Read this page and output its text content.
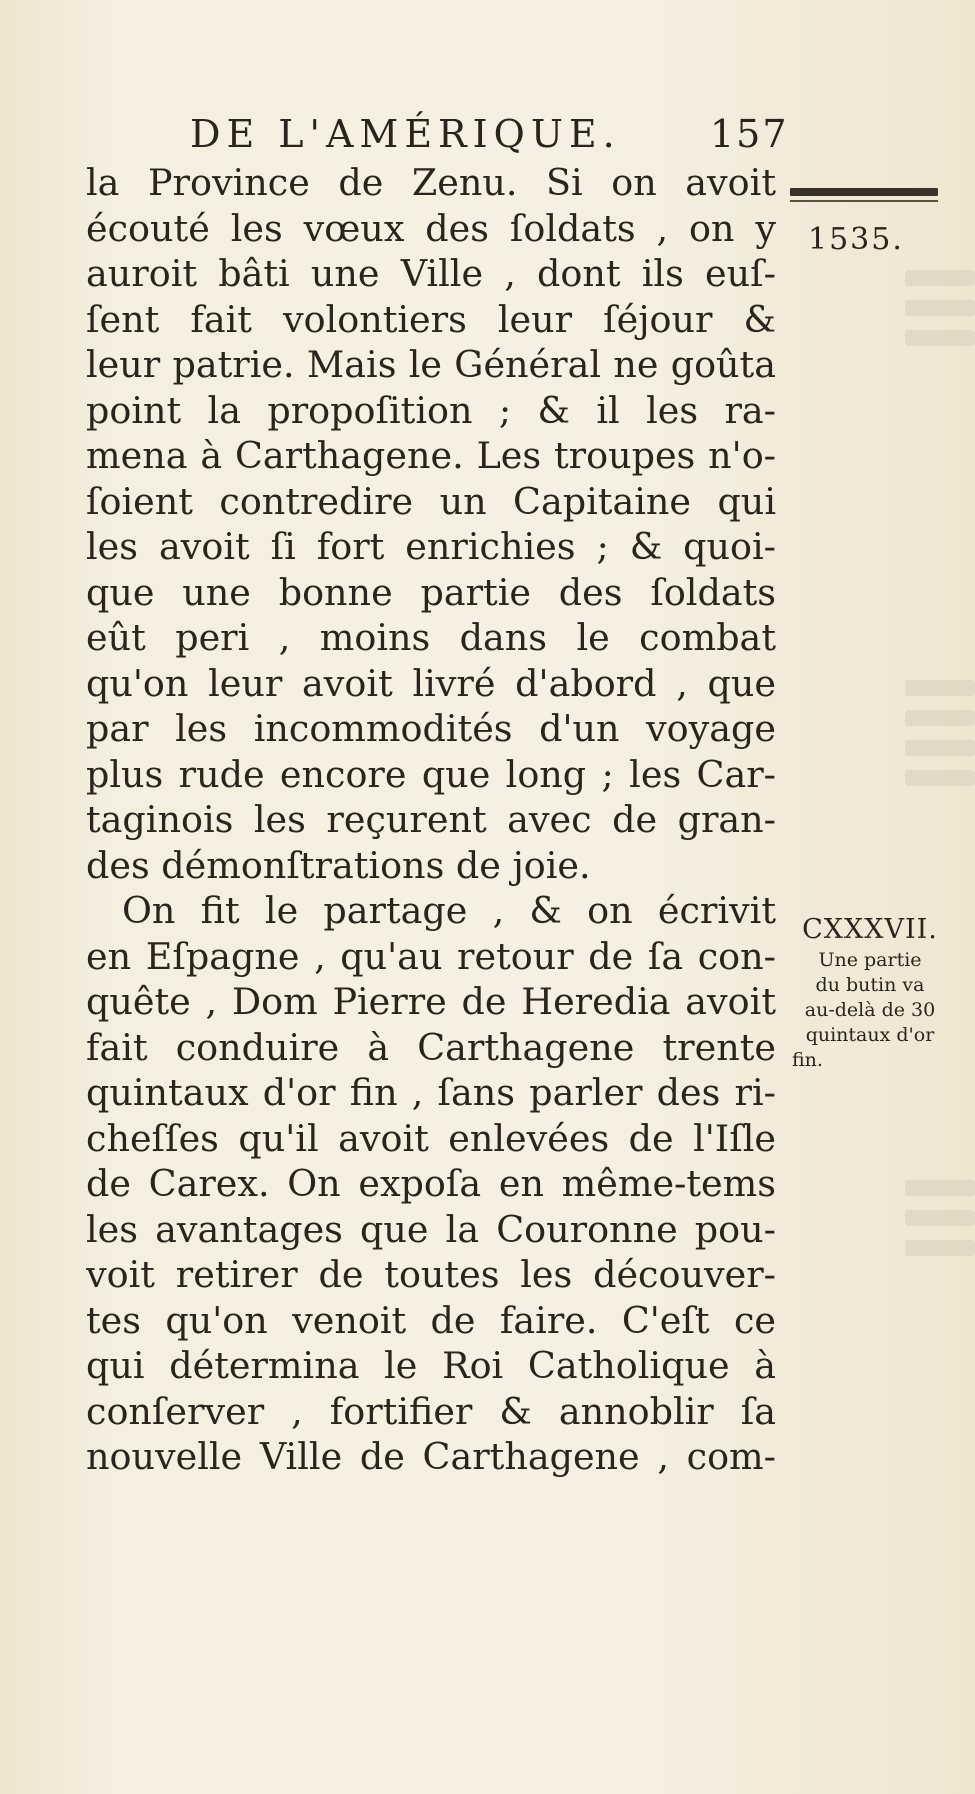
DE L'AMÉRIQUE. 157
1535.
la Province de Zenu. Si on avoit
écouté les vœux des ſoldats , on y
auroit bâti une Ville , dont ils euſ-
ſent fait volontiers leur ſéjour &
leur patrie. Mais le Général ne goûta
point la propoſition ; & il les ra-
mena à Carthagene. Les troupes n'o-
ſoient contredire un Capitaine qui
les avoit ſi fort enrichies ; & quoi-
que une bonne partie des ſoldats
eût peri , moins dans le combat
qu'on leur avoit livré d'abord , que
par les incommodités d'un voyage
plus rude encore que long ; les Car-
taginois les reçurent avec de gran-
des démonſtrations de joie.
On fit le partage , & on écrivit
en Eſpagne , qu'au retour de ſa con-
quête , Dom Pierre de Heredia avoit
fait conduire à Carthagene trente
quintaux d'or fin , ſans parler des ri-
cheſſes qu'il avoit enlevées de l'Iſle
de Carex. On expoſa en même-tems
les avantages que la Couronne pou-
voit retirer de toutes les découver-
tes qu'on venoit de faire. C'eſt ce
qui détermina le Roi Catholique à
conſerver , fortifier & annoblir ſa
nouvelle Ville de Carthagene , com-
CXXXVII.
Une partie
du butin va
au-delà de 30
quintaux d'or
fin.
